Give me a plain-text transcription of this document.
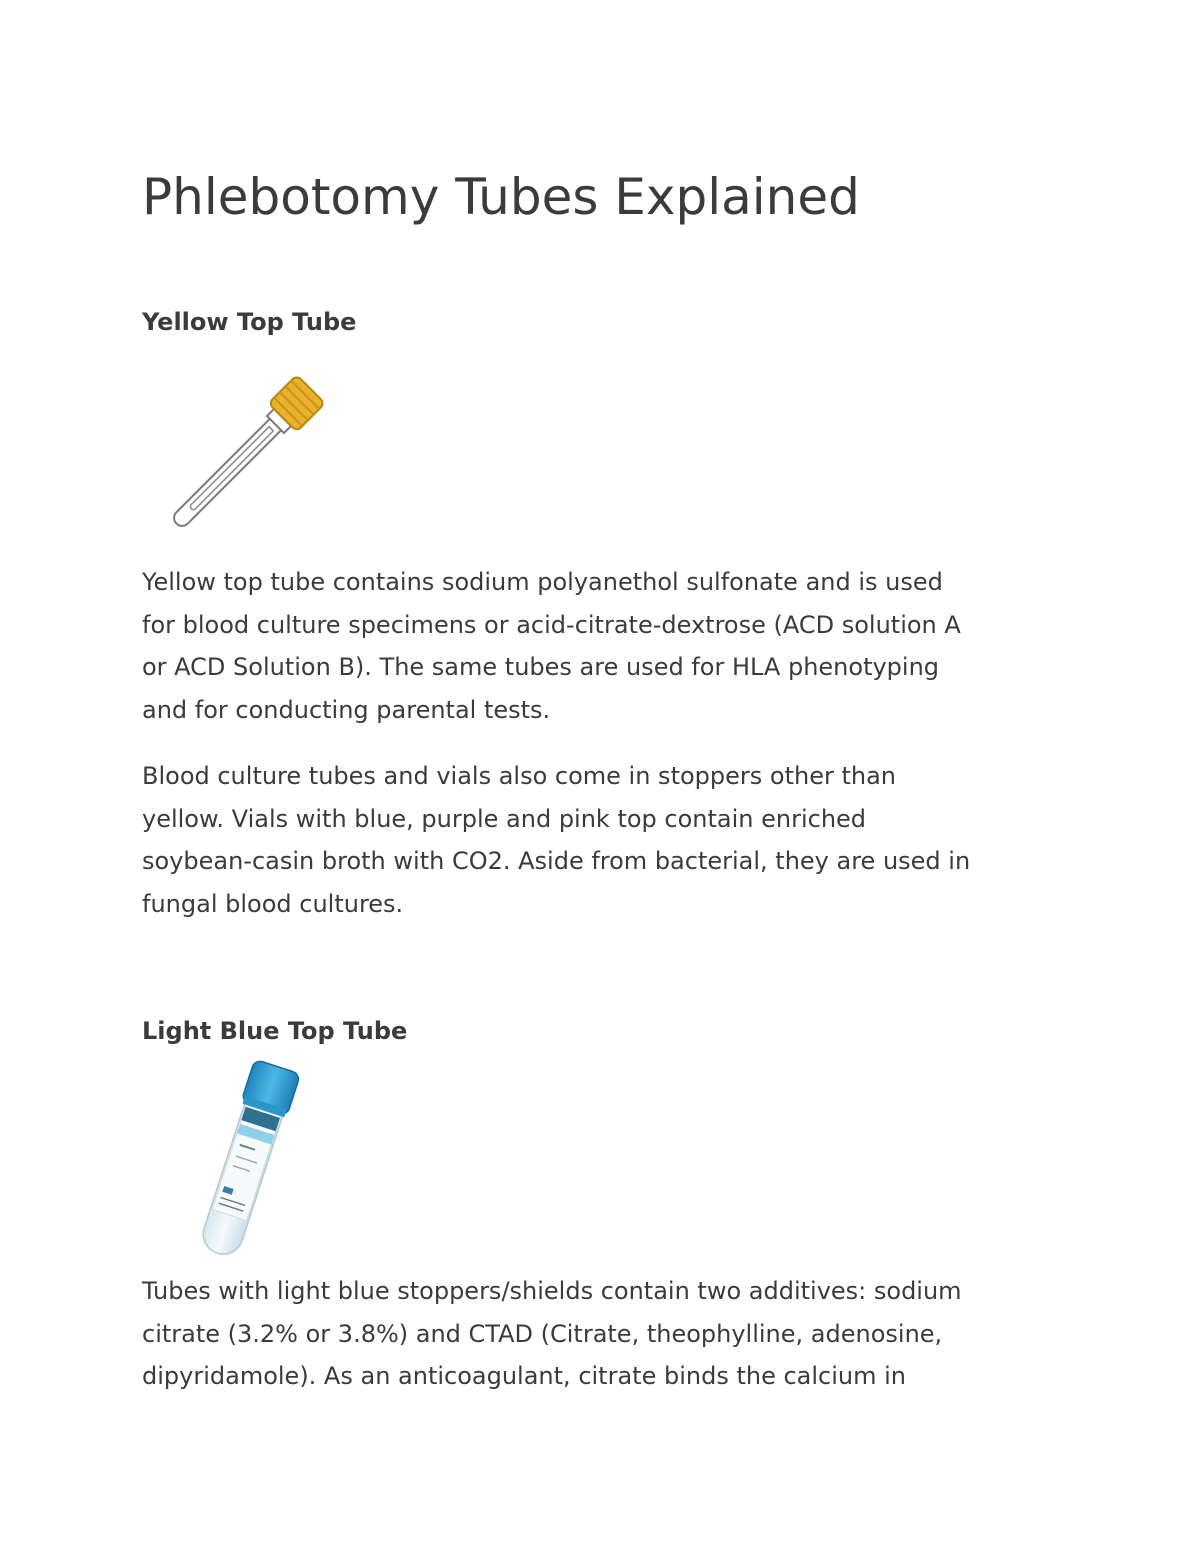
Phlebotomy Tubes Explained
Yellow Top Tube

Yellow top tube contains sodium polyanethol sulfonate and is used
for blood culture specimens or acid-citrate-dextrose (ACD solution A
or ACD Solution B). The same tubes are used for HLA phenotyping
and for conducting parental tests.

Blood culture tubes and vials also come in stoppers other than
yellow. Vials with blue, purple and pink top contain enriched
soybean-casin broth with CO2. Aside from bacterial, they are used in
fungal blood cultures.

Light Blue Top Tube

Tubes with light blue stoppers/shields contain two additives: sodium
citrate (3.2% or 3.8%) and CTAD (Citrate, theophylline, adenosine,
dipyridamole). As an anticoagulant, citrate binds the calcium in
